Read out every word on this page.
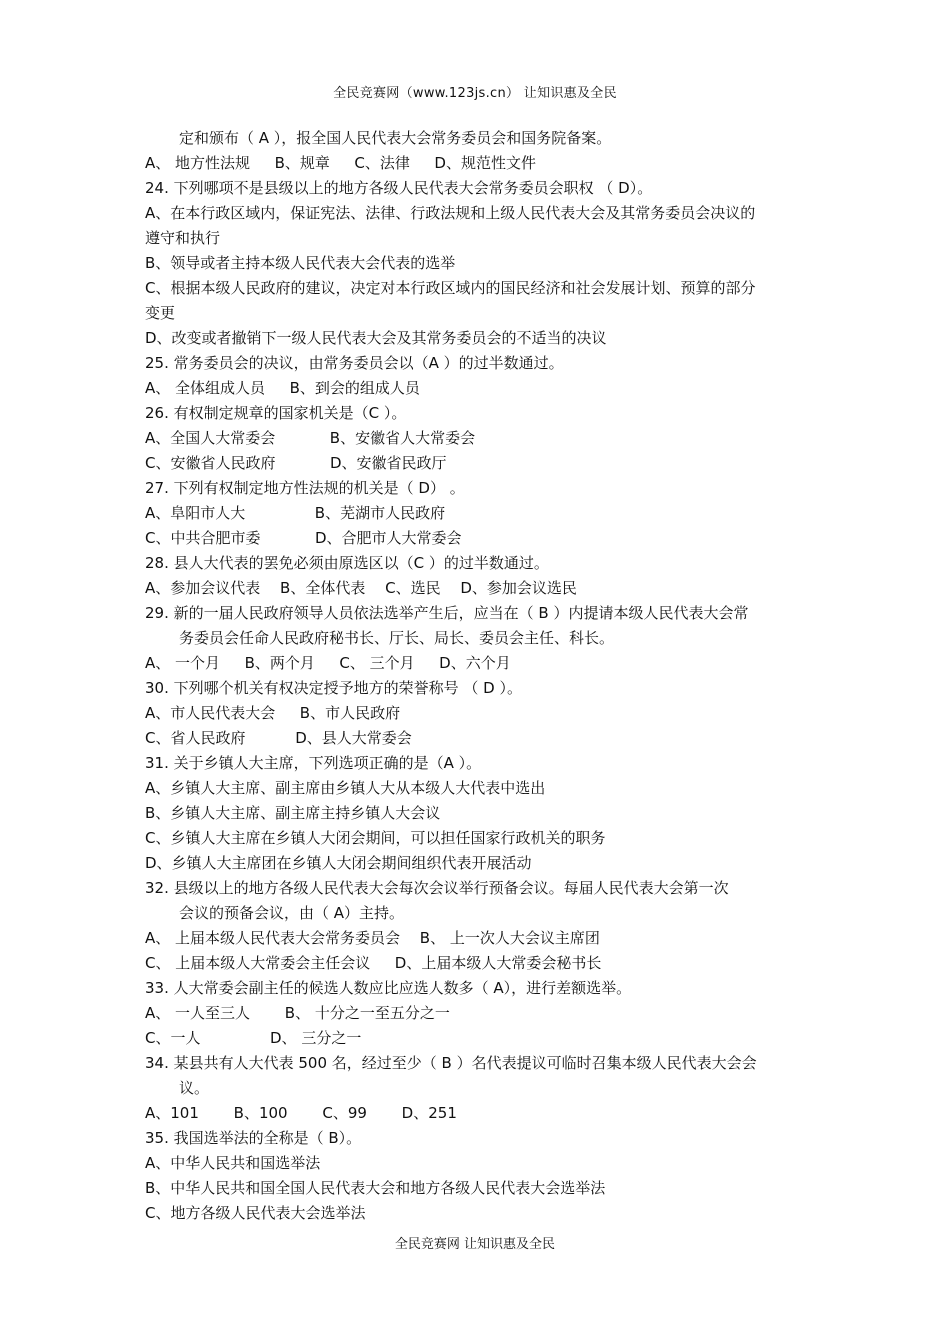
全民竞赛网（www.123js.cn） 让知识惠及全民
定和颁布（ A ），报全国人民代表大会常务委员会和国务院备案。
A、 地方性法规 　 B、规章 　 C、法律 　 D、规范性文件
24. 下列哪项不是县级以上的地方各级人民代表大会常务委员会职权 （ D）。
A、在本行政区域内，保证宪法、法律、行政法规和上级人民代表大会及其常务委员会决议的
遵守和执行
B、领导或者主持本级人民代表大会代表的选举
C、根据本级人民政府的建议，决定对本行政区域内的国民经济和社会发展计划、预算的部分
变更
D、改变或者撤销下一级人民代表大会及其常务委员会的不适当的决议
25. 常务委员会的决议，由常务委员会以（A ）的过半数通过。
A、 全体组成人员 　 B、到会的组成人员
26. 有权制定规章的国家机关是（C ）。
A、全国人大常委会 　　　 B、安徽省人大常委会
C、安徽省人民政府 　　　 D、安徽省民政厅
27. 下列有权制定地方性法规的机关是（ D） 。
A、阜阳市人大 　　　　 B、芜湖市人民政府
C、中共合肥市委 　　　 D、合肥市人大常委会
28. 县人大代表的罢免必须由原选区以（C ）的过半数通过。
A、参加会议代表 　B、全体代表 　C、选民 　D、参加会议选民
29. 新的一届人民政府领导人员依法选举产生后，应当在（ B ）内提请本级人民代表大会常
务委员会任命人民政府秘书长、厅长、局长、委员会主任、科长。
A、 一个月 　 B、两个月 　 C、 三个月 　 D、六个月
30. 下列哪个机关有权决定授予地方的荣誉称号 （ D ）。
A、市人民代表大会 　 B、市人民政府
C、省人民政府 　　　D、县人大常委会
31. 关于乡镇人大主席，下列选项正确的是（A ）。
A、乡镇人大主席、副主席由乡镇人大从本级人大代表中选出
B、乡镇人大主席、副主席主持乡镇人大会议
C、乡镇人大主席在乡镇人大闭会期间，可以担任国家行政机关的职务
D、乡镇人大主席团在乡镇人大闭会期间组织代表开展活动
32. 县级以上的地方各级人民代表大会每次会议举行预备会议。每届人民代表大会第一次
会议的预备会议，由（ A）主持。
A、 上届本级人民代表大会常务委员会 　B、 上一次人大会议主席团
C、 上届本级人大常委会主任会议 　 D、上届本级人大常委会秘书长
33. 人大常委会副主任的候选人数应比应选人数多（ A），进行差额选举。
A、 一人至三人 　　B、 十分之一至五分之一
C、一人 　　　　 D、 三分之一
34. 某县共有人大代表 500 名，经过至少（ B ）名代表提议可临时召集本级人民代表大会会
议。
A、101 　　B、100 　　C、99 　　D、251
35. 我国选举法的全称是（ B）。
A、中华人民共和国选举法
B、中华人民共和国全国人民代表大会和地方各级人民代表大会选举法
C、地方各级人民代表大会选举法
全民竞赛网 让知识惠及全民
